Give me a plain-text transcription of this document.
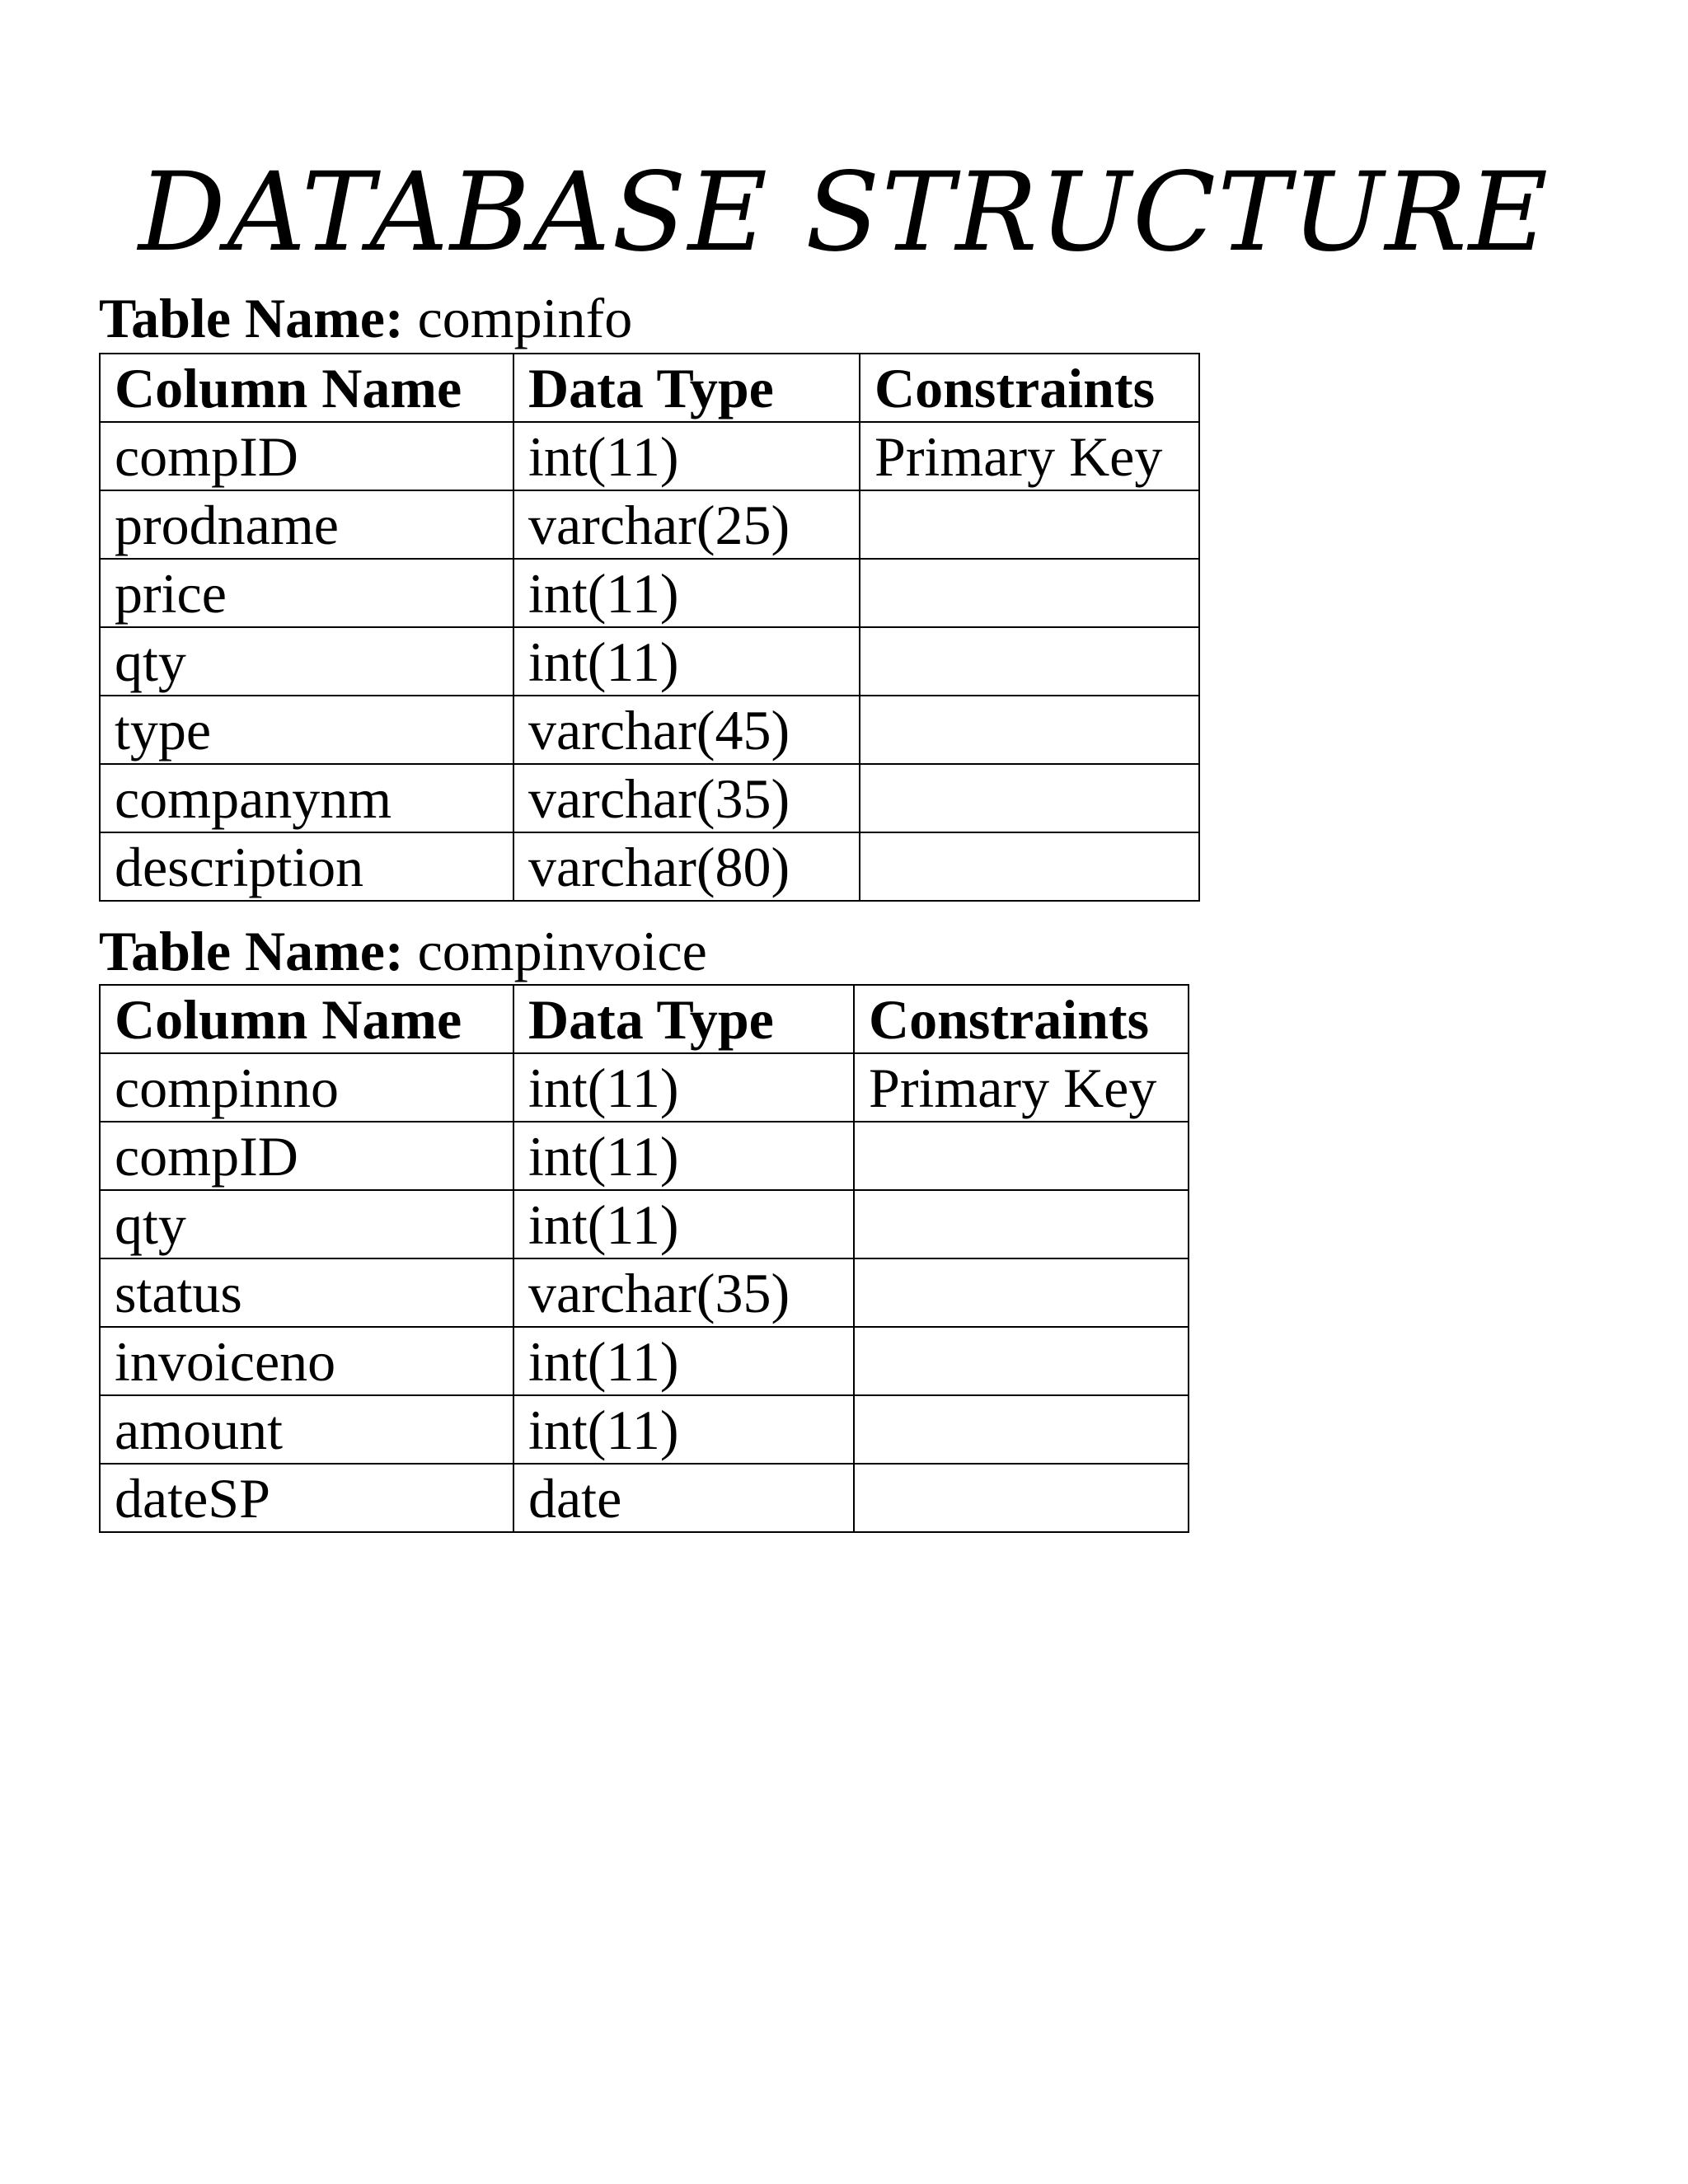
DATABASE STRUCTURE
Table Name: compinfo
Column Name	Data Type	Constraints
compID	int(11)	Primary Key
prodname	varchar(25)	
price	int(11)	
qty	int(11)	
type	varchar(45)	
companynm	varchar(35)	
description	varchar(80)	
Table Name: compinvoice
Column Name	Data Type	Constraints
compinno	int(11)	Primary Key
compID	int(11)	
qty	int(11)	
status	varchar(35)	
invoiceno	int(11)	
amount	int(11)	
dateSP	date	
